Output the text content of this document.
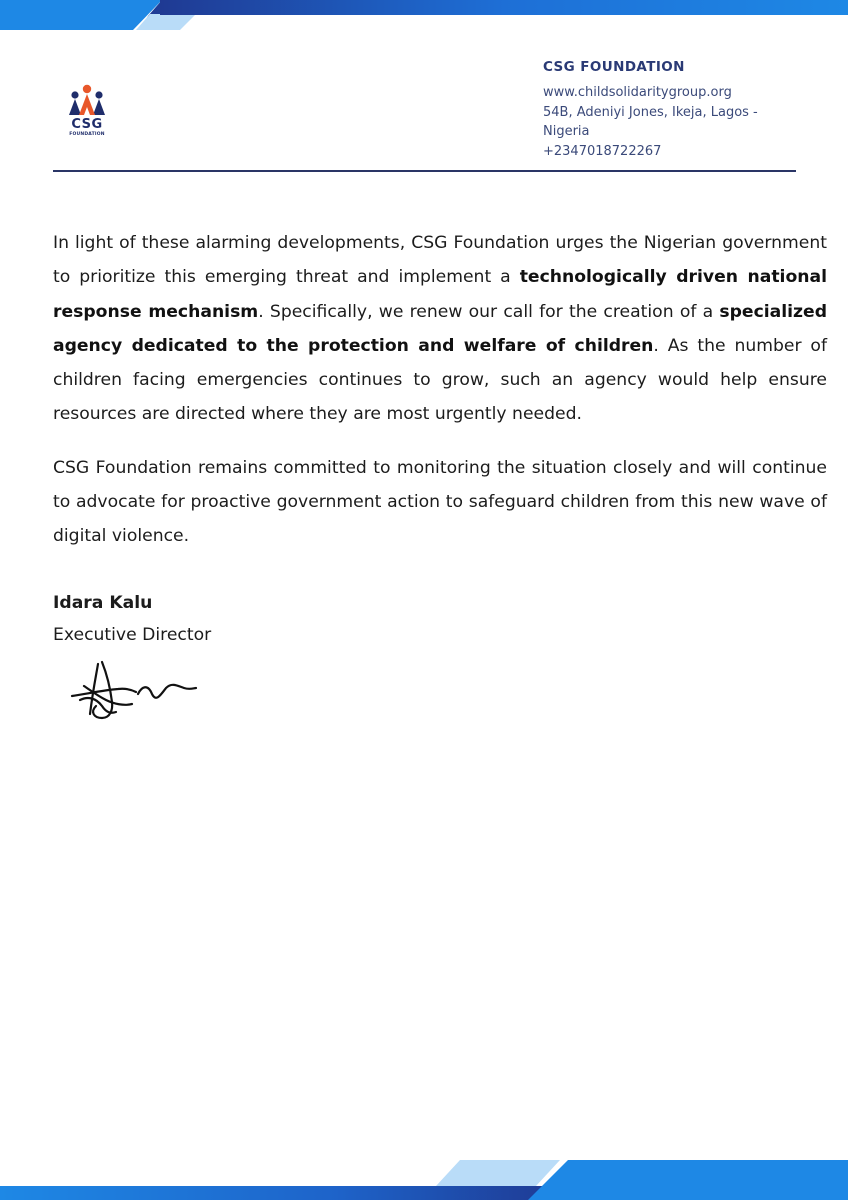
CSG
FOUNDATION
CSG FOUNDATION
www.childsolidaritygroup.org
54B, Adeniyi Jones, Ikeja, Lagos -
Nigeria
+2347018722267

In light of these alarming developments, CSG Foundation urges the Nigerian government to prioritize this emerging threat and implement a technologically driven national response mechanism. Specifically, we renew our call for the creation of a specialized agency dedicated to the protection and welfare of children. As the number of children facing emergencies continues to grow, such an agency would help ensure resources are directed where they are most urgently needed.

CSG Foundation remains committed to monitoring the situation closely and will continue to advocate for proactive government action to safeguard children from this new wave of digital violence.

Idara Kalu
Executive Director
